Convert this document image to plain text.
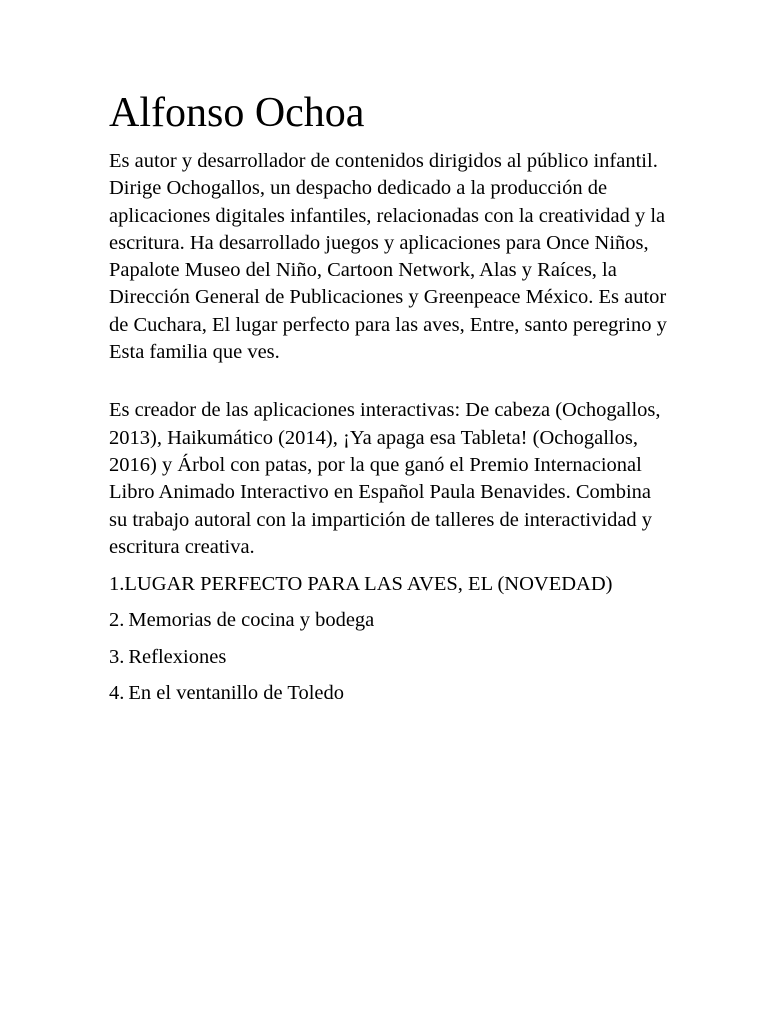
Alfonso Ochoa

Es autor y desarrollador de contenidos dirigidos al público infantil. Dirige Ochogallos, un despacho dedicado a la producción de aplicaciones digitales infantiles, relacionadas con la creatividad y la escritura. Ha desarrollado juegos y aplicaciones para Once Niños, Papalote Museo del Niño, Cartoon Network, Alas y Raíces, la Dirección General de Publicaciones y Greenpeace México. Es autor de Cuchara, El lugar perfecto para las aves, Entre, santo peregrino y Esta familia que ves.

Es creador de las aplicaciones interactivas: De cabeza (Ochogallos, 2013), Haikumático (2014), ¡Ya apaga esa Tableta! (Ochogallos, 2016) y Árbol con patas, por la que ganó el Premio Internacional Libro Animado Interactivo en Español Paula Benavides. Combina su trabajo autoral con la impartición de talleres de interactividad y escritura creativa.

1. LUGAR PERFECTO PARA LAS AVES, EL (NOVEDAD)
2. Memorias de cocina y bodega
3. Reflexiones
4. En el ventanillo de Toledo
